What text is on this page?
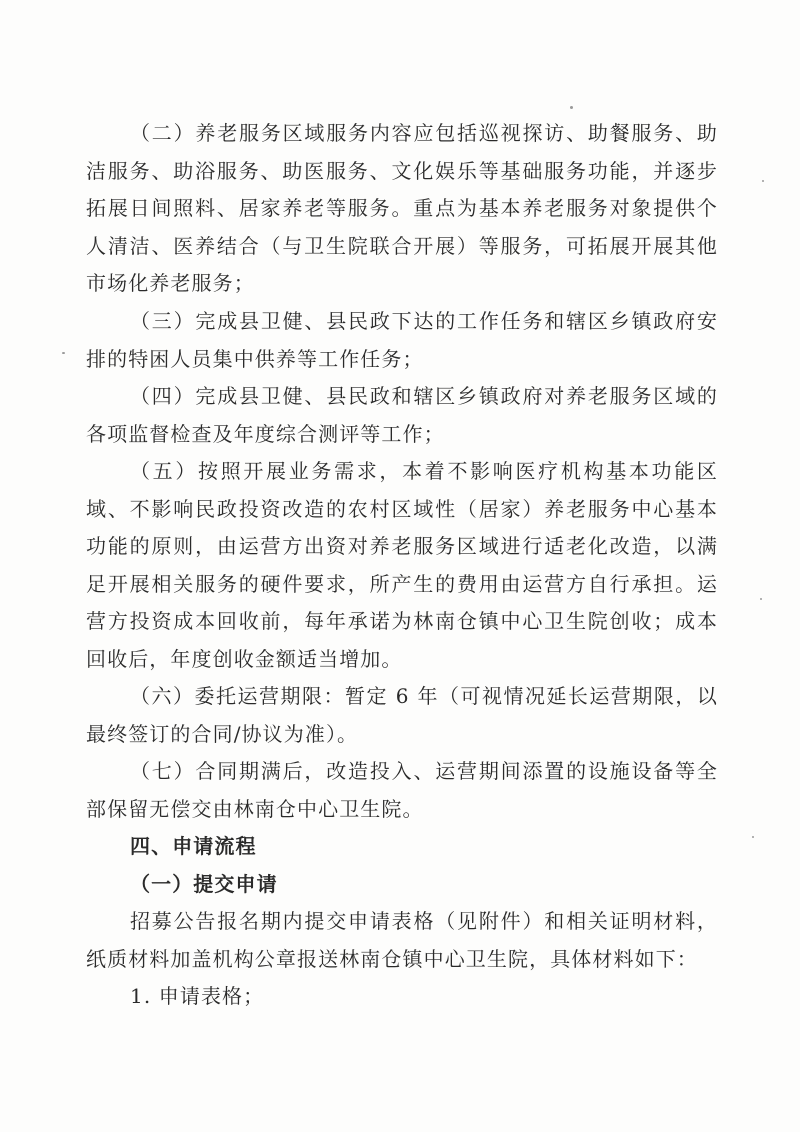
（二）养老服务区域服务内容应包括巡视探访、助餐服务、助洁服务、助浴服务、助医服务、文化娱乐等基础服务功能，并逐步拓展日间照料、居家养老等服务。重点为基本养老服务对象提供个人清洁、医养结合（与卫生院联合开展）等服务，可拓展开展其他市场化养老服务；

（三）完成县卫健、县民政下达的工作任务和辖区乡镇政府安排的特困人员集中供养等工作任务；

（四）完成县卫健、县民政和辖区乡镇政府对养老服务区域的各项监督检查及年度综合测评等工作；

（五）按照开展业务需求，本着不影响医疗机构基本功能区域、不影响民政投资改造的农村区域性（居家）养老服务中心基本功能的原则，由运营方出资对养老服务区域进行适老化改造，以满足开展相关服务的硬件要求，所产生的费用由运营方自行承担。运营方投资成本回收前，每年承诺为林南仓镇中心卫生院创收；成本回收后，年度创收金额适当增加。

（六）委托运营期限：暂定 6 年（可视情况延长运营期限，以最终签订的合同/协议为准）。

（七）合同期满后，改造投入、运营期间添置的设施设备等全部保留无偿交由林南仓中心卫生院。

四、申请流程

（一）提交申请

招募公告报名期内提交申请表格（见附件）和相关证明材料，纸质材料加盖机构公章报送林南仓镇中心卫生院，具体材料如下：

1. 申请表格；
